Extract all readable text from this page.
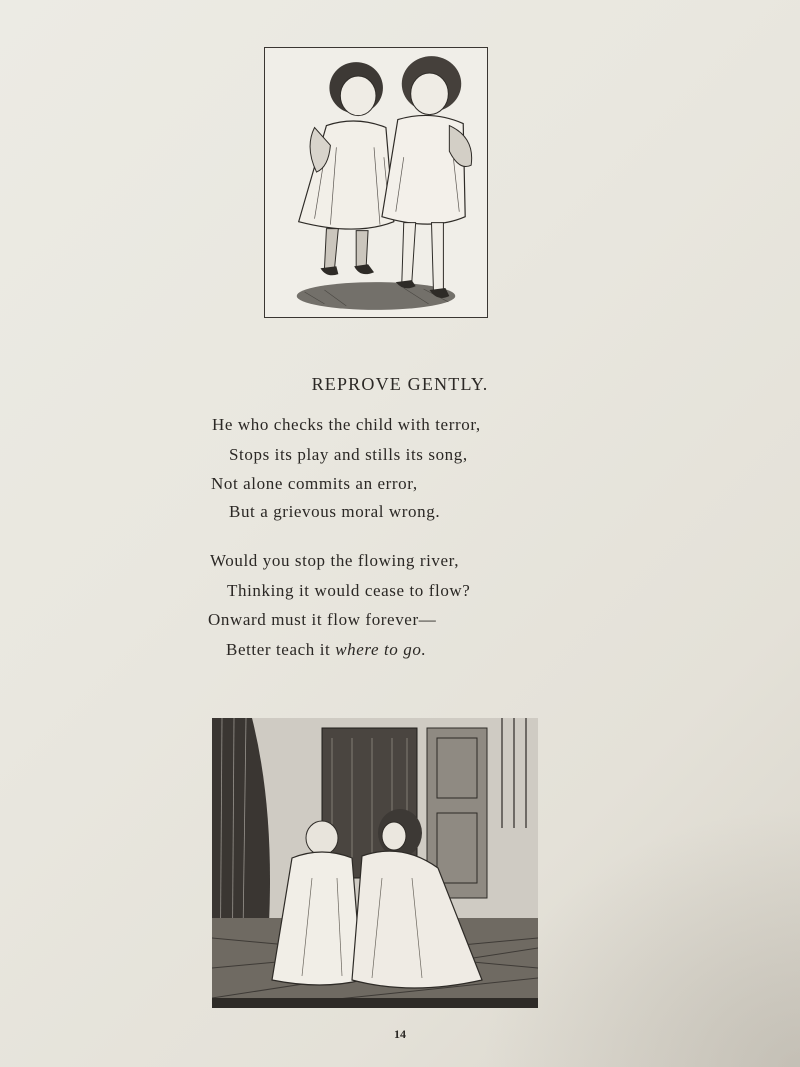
REPROVE GENTLY.
He who checks the child with terror,
Stops its play and stills its song,
Not alone commits an error,
But a grievous moral wrong.
Would you stop the flowing river,
Thinking it would cease to flow?
Onward must it flow forever—
Better teach it where to go.
14
